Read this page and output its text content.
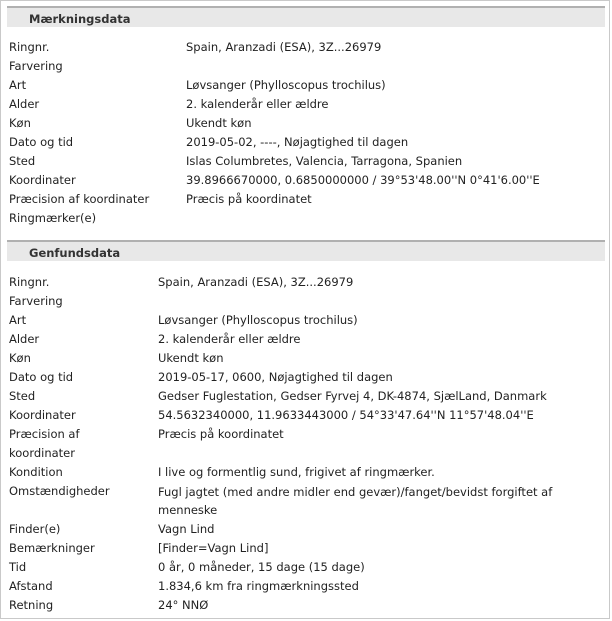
Mærkningsdata
Ringnr.	Spain, Aranzadi (ESA), 3Z...26979
Farvering
Art	Løvsanger (Phylloscopus trochilus)
Alder	2. kalenderår eller ældre
Køn	Ukendt køn
Dato og tid	2019-05-02, ----, Nøjagtighed til dagen
Sted	Islas Columbretes, Valencia, Tarragona, Spanien
Koordinater	39.8966670000, 0.6850000000 / 39°53'48.00''N 0°41'6.00''E
Præcision af koordinater	Præcis på koordinatet
Ringmærker(e)
Genfundsdata
Ringnr.	Spain, Aranzadi (ESA), 3Z...26979
Farvering
Art	Løvsanger (Phylloscopus trochilus)
Alder	2. kalenderår eller ældre
Køn	Ukendt køn
Dato og tid	2019-05-17, 0600, Nøjagtighed til dagen
Sted	Gedser Fuglestation, Gedser Fyrvej 4, DK-4874, SjælLand, Danmark
Koordinater	54.5632340000, 11.9633443000 / 54°33'47.64''N 11°57'48.04''E
Præcision af	Præcis på koordinatet
koordinater
Kondition	I live og formentlig sund, frigivet af ringmærker.
Omstændigheder	Fugl jagtet (med andre midler end gevær)/fanget/bevidst forgiftet af menneske
Finder(e)	Vagn Lind
Bemærkninger	[Finder=Vagn Lind]
Tid	0 år, 0 måneder, 15 dage (15 dage)
Afstand	1.834,6 km fra ringmærkningssted
Retning	24° NNØ
